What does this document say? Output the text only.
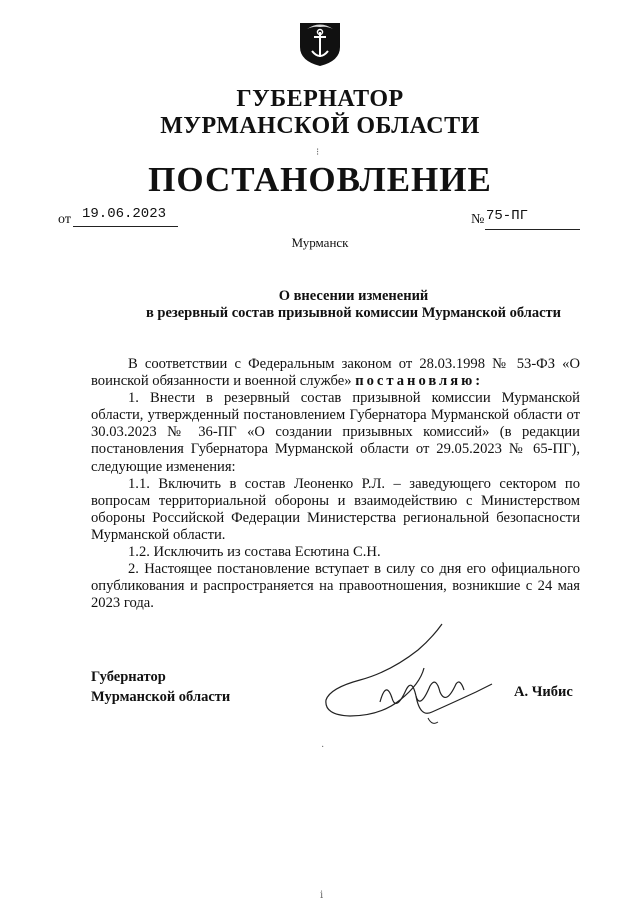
ГУБЕРНАТОР
МУРМАНСКОЙ ОБЛАСТИ
⁝
ПОСТАНОВЛЕНИЕ
от 19.06.2023	№ 75-ПГ
Мурманск
О внесении изменений
в резервный состав призывной комиссии Мурманской области

В соответствии с Федеральным законом от 28.03.1998 № 53-ФЗ «О воинской обязанности и военной службе» постановляю:

1. Внести в резервный состав призывной комиссии Мурманской области, утвержденный постановлением Губернатора Мурманской области от 30.03.2023 № 36-ПГ «О создании призывных комиссий» (в редакции постановления Губернатора Мурманской области от 29.05.2023 № 65-ПГ), следующие изменения:

1.1. Включить в состав Леоненко Р.Л. – заведующего сектором по вопросам территориальной обороны и взаимодействию с Министерством обороны Российской Федерации Министерства региональной безопасности Мурманской области.

1.2. Исключить из состава Есютина С.Н.

2. Настоящее постановление вступает в силу со дня его официального опубликования и распространяется на правоотношения, возникшие с 24 мая 2023 года.

Губернатор
Мурманской области	А. Чибис
·
ⅰ
